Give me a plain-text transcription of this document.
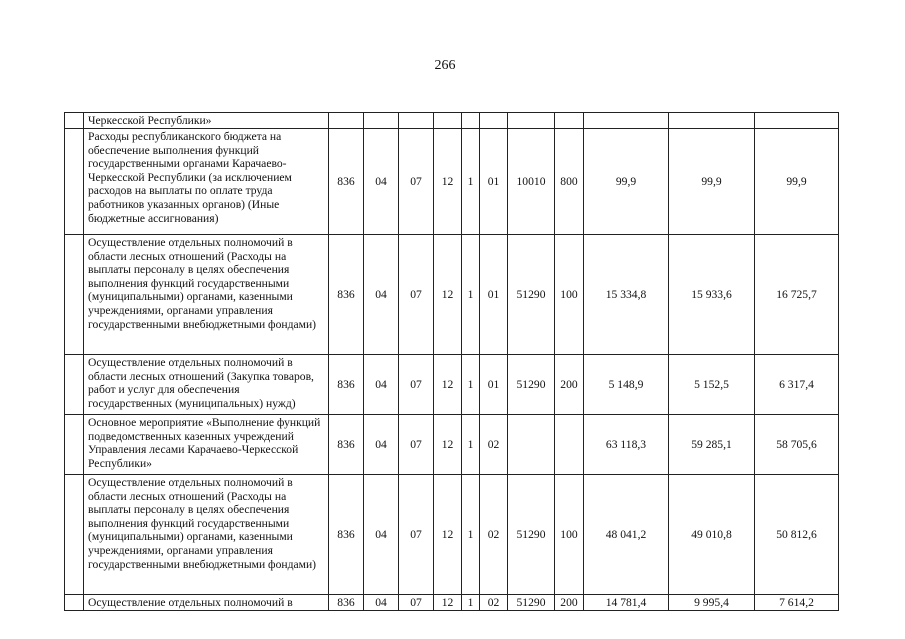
266
	Черкесской Республики»											
	Расходы республиканского бюджета на обеспечение выполнения функций государственными органами Карачаево-Черкесской Республики (за исключением расходов на выплаты по оплате труда работников указанных органов) (Иные бюджетные ассигнования)	836	04	07	12	1	01	10010	800	99,9	99,9	99,9
	Осуществление отдельных полномочий в области лесных отношений (Расходы на выплаты персоналу в целях обеспечения выполнения функций государственными (муниципальными) органами, казенными учреждениями, органами управления государственными внебюджетными фондами)	836	04	07	12	1	01	51290	100	15 334,8	15 933,6	16 725,7
	Осуществление отдельных полномочий в области лесных отношений (Закупка товаров, работ и услуг для обеспечения государственных (муниципальных) нужд)	836	04	07	12	1	01	51290	200	5 148,9	5 152,5	6 317,4
	Основное мероприятие «Выполнение функций подведомственных казенных учреждений Управления лесами Карачаево-Черкесской Республики»	836	04	07	12	1	02			63 118,3	59 285,1	58 705,6
	Осуществление отдельных полномочий в области лесных отношений (Расходы на выплаты персоналу в целях обеспечения выполнения функций государственными (муниципальными) органами, казенными учреждениями, органами управления государственными внебюджетными фондами)	836	04	07	12	1	02	51290	100	48 041,2	49 010,8	50 812,6
	Осуществление отдельных полномочий в	836	04	07	12	1	02	51290	200	14 781,4	9 995,4	7 614,2
